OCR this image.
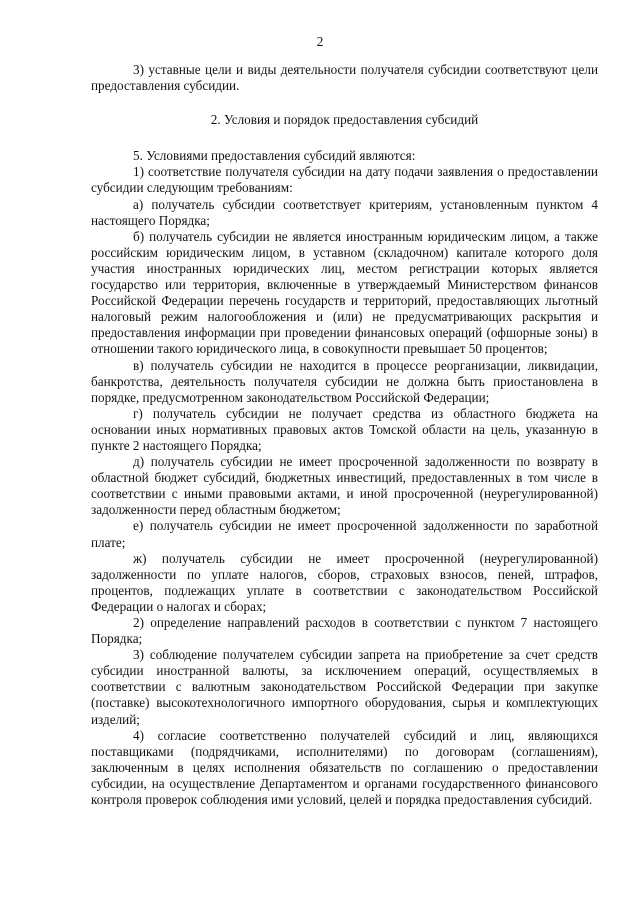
2

3) уставные цели и виды деятельности получателя субсидии соответствуют цели предоставления субсидии.

2. Условия и порядок предоставления субсидий

5. Условиями предоставления субсидий являются:

1) соответствие получателя субсидии на дату подачи заявления о предоставлении субсидии следующим требованиям:

а) получатель субсидии соответствует критериям, установленным пунктом 4 настоящего Порядка;

б) получатель субсидии не является иностранным юридическим лицом, а также российским юридическим лицом, в уставном (складочном) капитале которого доля участия иностранных юридических лиц, местом регистрации которых является государство или территория, включенные в утверждаемый Министерством финансов Российской Федерации перечень государств и территорий, предоставляющих льготный налоговый режим налогообложения и (или) не предусматривающих раскрытия и предоставления информации при проведении финансовых операций (офшорные зоны) в отношении такого юридического лица, в совокупности превышает 50 процентов;

в) получатель субсидии не находится в процессе реорганизации, ликвидации, банкротства, деятельность получателя субсидии не должна быть приостановлена в порядке, предусмотренном законодательством Российской Федерации;

г) получатель субсидии не получает средства из областного бюджета на основании иных нормативных правовых актов Томской области на цель, указанную в пункте 2 настоящего Порядка;

д) получатель субсидии не имеет просроченной задолженности по возврату в областной бюджет субсидий, бюджетных инвестиций, предоставленных в том числе в соответствии с иными правовыми актами, и иной просроченной (неурегулированной) задолженности перед областным бюджетом;

е) получатель субсидии не имеет просроченной задолженности по заработной плате;

ж) получатель субсидии не имеет просроченной (неурегулированной) задолженности по уплате налогов, сборов, страховых взносов, пеней, штрафов, процентов, подлежащих уплате в соответствии с законодательством Российской Федерации о налогах и сборах;

2) определение направлений расходов в соответствии с пунктом 7 настоящего Порядка;

3) соблюдение получателем субсидии запрета на приобретение за счет средств субсидии иностранной валюты, за исключением операций, осуществляемых в соответствии с валютным законодательством Российской Федерации при закупке (поставке) высокотехнологичного импортного оборудования, сырья и комплектующих изделий;

4) согласие соответственно получателей субсидий и лиц, являющихся поставщиками (подрядчиками, исполнителями) по договорам (соглашениям), заключенным в целях исполнения обязательств по соглашению о предоставлении субсидии, на осуществление Департаментом и органами государственного финансового контроля проверок соблюдения ими условий, целей и порядка предоставления субсидий.
